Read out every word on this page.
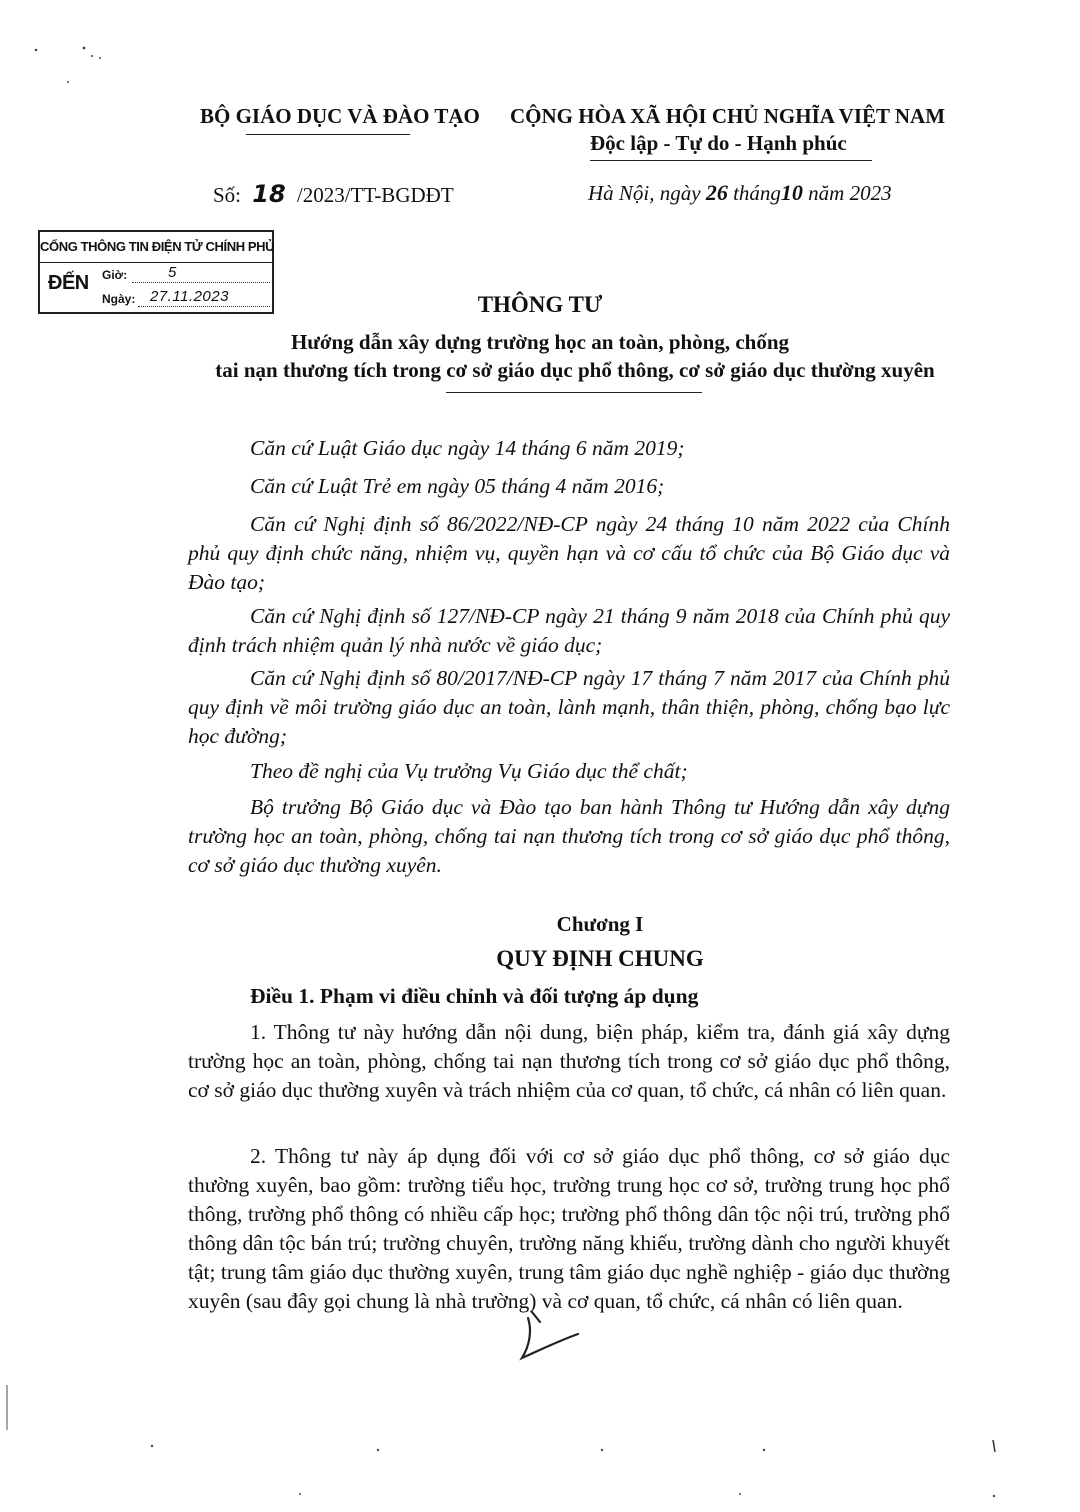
BỘ GIÁO DỤC VÀ ĐÀO TẠO CỘNG HÒA XÃ HỘI CHỦ NGHĨA VIỆT NAM
Độc lập - Tự do - Hạnh phúc
Số: 18 /2023/TT-BGDĐT	Hà Nội, ngày 26 tháng10 năm 2023
CỔNG THÔNG TIN ĐIỆN TỬ CHÍNH PHỦ
ĐẾN Giờ:	5
Ngày: 27.11.2023	THÔNG TƯ
Hướng dẫn xây dựng trường học an toàn, phòng, chống
tai nạn thương tích trong cơ sở giáo dục phổ thông, cơ sở giáo dục thường xuyên
Căn cứ Luật Giáo dục ngày 14 tháng 6 năm 2019;
Căn cứ Luật Trẻ em ngày 05 tháng 4 năm 2016;
Căn cứ Nghị định số 86/2022/NĐ-CP ngày 24 tháng 10 năm 2022 của Chính phủ quy định chức năng, nhiệm vụ, quyền hạn và cơ cấu tổ chức của Bộ Giáo dục và Đào tạo;
Căn cứ Nghị định số 127/NĐ-CP ngày 21 tháng 9 năm 2018 của Chính phủ quy định trách nhiệm quản lý nhà nước về giáo dục;
Căn cứ Nghị định số 80/2017/NĐ-CP ngày 17 tháng 7 năm 2017 của Chính phủ quy định về môi trường giáo dục an toàn, lành mạnh, thân thiện, phòng, chống bạo lực học đường;
Theo đề nghị của Vụ trưởng Vụ Giáo dục thể chất;
Bộ trưởng Bộ Giáo dục và Đào tạo ban hành Thông tư Hướng dẫn xây dựng trường học an toàn, phòng, chống tai nạn thương tích trong cơ sở giáo dục phổ thông, cơ sở giáo dục thường xuyên.
Chương I
QUY ĐỊNH CHUNG
Điều 1. Phạm vi điều chỉnh và đối tượng áp dụng
1. Thông tư này hướng dẫn nội dung, biện pháp, kiểm tra, đánh giá xây dựng trường học an toàn, phòng, chống tai nạn thương tích trong cơ sở giáo dục phổ thông, cơ sở giáo dục thường xuyên và trách nhiệm của cơ quan, tổ chức, cá nhân có liên quan.
2. Thông tư này áp dụng đối với cơ sở giáo dục phổ thông, cơ sở giáo dục thường xuyên, bao gồm: trường tiểu học, trường trung học cơ sở, trường trung học phổ thông, trường phổ thông có nhiều cấp học; trường phổ thông dân tộc nội trú, trường phổ thông dân tộc bán trú; trường chuyên, trường năng khiếu, trường dành cho người khuyết tật; trung tâm giáo dục thường xuyên, trung tâm giáo dục nghề nghiệp - giáo dục thường xuyên (sau đây gọi chung là nhà trường) và cơ quan, tổ chức, cá nhân có liên quan.
